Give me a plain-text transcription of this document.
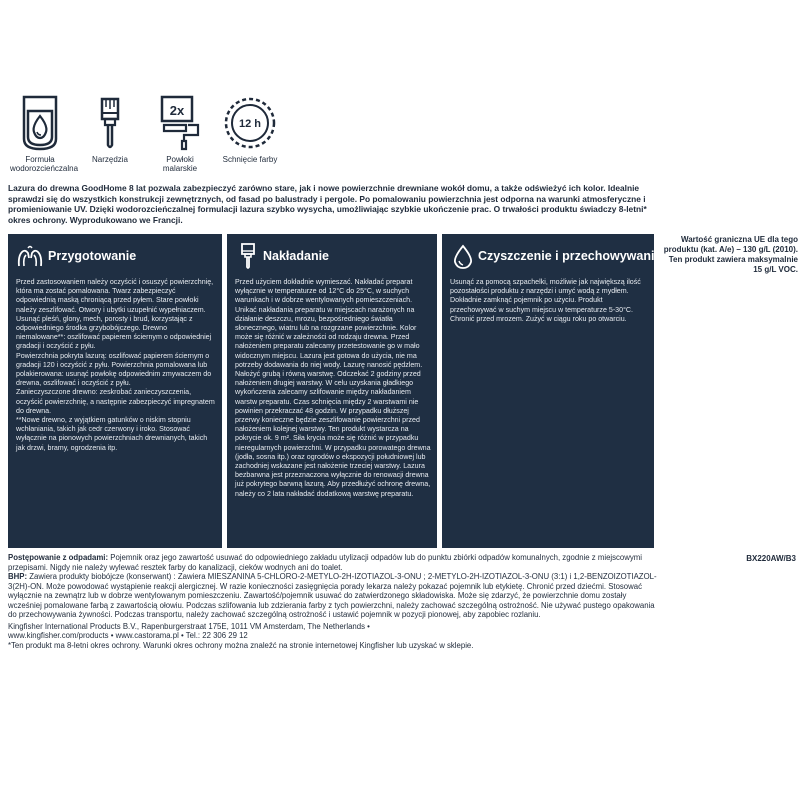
Formuła wodorozcieńczalna
Narzędzia
2x
Powłoki malarskie
12 h
Schnięcie farby
Lazura do drewna GoodHome 8 lat pozwala zabezpieczyć zarówno stare, jak i nowe powierzchnie drewniane wokół domu, a także odświeżyć ich kolor. Idealnie sprawdzi się do wszystkich konstrukcji zewnętrznych, od fasad po balustrady i pergole. Po pomalowaniu powierzchnia jest odporna na warunki atmosferyczne i promieniowanie UV. Dzięki wodorozcieńczalnej formulacji lazura szybko wysycha, umożliwiając szybkie ukończenie prac. O trwałości produktu świadczy 8-letni* okres ochrony. Wyprodukowano we Francji.
Przygotowanie

Przed zastosowaniem należy oczyścić i osuszyć powierzchnię, która ma zostać pomalowana. Twarz zabezpieczyć odpowiednią maską chroniącą przed pyłem. Stare powłoki należy zeszlifować. Otwory i ubytki uzupełnić wypełniaczem. Usunąć pleśń, glony, mech, porosty i brud, korzystając z odpowiedniego środka grzybobójczego. Drewno niemalowane**: oszlifować papierem ściernym o odpowiedniej gradacji i oczyścić z pyłu.

Powierzchnia pokryta lazurą: oszlifować papierem ściernym o gradacji 120 i oczyścić z pyłu. Powierzchnia pomalowana lub polakierowana: usunąć powłokę odpowiednim zmywaczem do drewna, oszlifować i oczyścić z pyłu.

Zanieczyszczone drewno: zeskrobać zanieczyszczenia, oczyścić powierzchnię, a następnie zabezpieczyć impregnatem do drewna.

**Nowe drewno, z wyjątkiem gatunków o niskim stopniu wchłaniania, takich jak cedr czerwony i iroko. Stosować wyłącznie na pionowych powierzchniach drewnianych, takich jak drzwi, bramy, ogrodzenia itp.

Nakładanie

Przed użyciem dokładnie wymieszać. Nakładać preparat wyłącznie w temperaturze od 12°C do 25°C, w suchych warunkach i w dobrze wentylowanych pomieszczeniach. Unikać nakładania preparatu w miejscach narażonych na działanie deszczu, mrozu, bezpośredniego światła słonecznego, wiatru lub na rozgrzane powierzchnie. Kolor może się różnić w zależności od rodzaju drewna. Przed nałożeniem preparatu zalecamy przetestowanie go w mało widocznym miejscu. Lazura jest gotowa do użycia, nie ma potrzeby dodawania do niej wody. Lazurę nanosić pędzlem. Nałożyć grubą i równą warstwę. Odczekać 2 godziny przed nałożeniem drugiej warstwy. W celu uzyskania gładkiego wykończenia zalecamy szlifowanie między nakładaniem warstw preparatu. Czas schnięcia między 2 warstwami nie powinien przekraczać 48 godzin. W przypadku dłuższej przerwy konieczne będzie zeszlifowanie powierzchni przed nałożeniem kolejnej warstwy. Ten produkt wystarcza na pokrycie ok. 9 m². Siła krycia może się różnić w przypadku nieregularnych powierzchni. W przypadku porowatego drewna (jodła, sosna itp.) oraz ogrodów o ekspozycji południowej lub zachodniej wskazane jest nałożenie trzeciej warstwy. Lazura bezbarwna jest przeznaczona wyłącznie do renowacji drewna już pokrytego barwną lazurą. Aby przedłużyć ochronę drewna, należy co 2 lata nakładać dodatkową warstwę preparatu.

Czyszczenie i przechowywanie

Usunąć za pomocą szpachelki, możliwie jak największą ilość pozostałości produktu z narzędzi i umyć wodą z mydłem. Dokładnie zamknąć pojemnik po użyciu. Produkt przechowywać w suchym miejscu w temperaturze 5-30°C. Chronić przed mrozem. Zużyć w ciągu roku po otwarciu.

Wartość graniczna UE dla tego produktu (kat. A/e) – 130 g/L (2010). Ten produkt zawiera maksymalnie 15 g/L VOC.
BX220AW/B3

Postępowanie z odpadami: Pojemnik oraz jego zawartość usuwać do odpowiedniego zakładu utylizacji odpadów lub do punktu zbiórki odpadów komunalnych, zgodnie z miejscowymi przepisami. Nigdy nie należy wylewać resztek farby do kanalizacji, cieków wodnych ani do toalet.

BHP: Zawiera produkty biobójcze (konserwant) : Zawiera MIESZANINA 5-CHLORO-2-METYLO-2H-IZOTIAZOL-3-ONU ; 2-METYLO-2H-IZOTIAZOL-3-ONU (3:1) i 1,2-BENZOIZOTIAZOL-3(2H)-ON. Może powodować wystąpienie reakcji alergicznej. W razie konieczności zasięgnięcia porady lekarza należy pokazać pojemnik lub etykietę. Chronić przed dziećmi. Stosować wyłącznie na zewnątrz lub w dobrze wentylowanym pomieszczeniu. Zawartość/pojemnik usuwać do zatwierdzonego składowiska. Może się zdarzyć, że powierzchnie domu zostały wcześniej pomalowane farbą z zawartością ołowiu. Podczas szlifowania lub zdzierania farby z tych powierzchni, należy zachować szczególną ostrożność. Nie używać pustego opakowania do przechowywania żywności. Podczas transportu, należy zachować szczególną ostrożność i ustawić pojemnik w pozycji pionowej, aby zapobiec rozlaniu.

Kingfisher International Products B.V., Rapenburgerstraat 175E, 1011 VM Amsterdam, The Netherlands •

www.kingfisher.com/products • www.castorama.pl • Tel.: 22 306 29 12

*Ten produkt ma 8-letni okres ochrony. Warunki okres ochrony można znaleźć na stronie internetowej Kingfisher lub uzyskać w sklepie.
